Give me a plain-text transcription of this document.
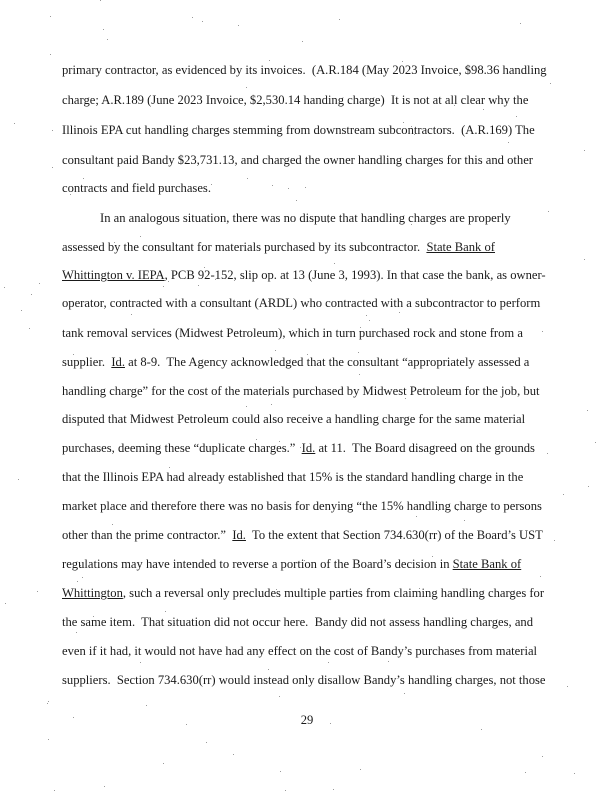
primary contractor, as evidenced by its invoices.  (A.R.184 (May 2023 Invoice, $98.36 handling
charge; A.R.189 (June 2023 Invoice, $2,530.14 handing charge)  It is not at all clear why the
Illinois EPA cut handling charges stemming from downstream subcontractors.  (A.R.169) The
consultant paid Bandy $23,731.13, and charged the owner handling charges for this and other
contracts and field purchases.
In an analogous situation, there was no dispute that handling charges are properly
assessed by the consultant for materials purchased by its subcontractor.  State Bank of
Whittington v. IEPA, PCB 92-152, slip op. at 13 (June 3, 1993). In that case the bank, as owner-
operator, contracted with a consultant (ARDL) who contracted with a subcontractor to perform
tank removal services (Midwest Petroleum), which in turn purchased rock and stone from a
supplier.  Id. at 8-9.  The Agency acknowledged that the consultant “appropriately assessed a
handling charge” for the cost of the materials purchased by Midwest Petroleum for the job, but
disputed that Midwest Petroleum could also receive a handling charge for the same material
purchases, deeming these “duplicate charges.”  Id. at 11.  The Board disagreed on the grounds
that the Illinois EPA had already established that 15% is the standard handling charge in the
market place and therefore there was no basis for denying “the 15% handling charge to persons
other than the prime contractor.”  Id.  To the extent that Section 734.630(rr) of the Board’s UST
regulations may have intended to reverse a portion of the Board’s decision in State Bank of
Whittington, such a reversal only precludes multiple parties from claiming handling charges for
the same item.  That situation did not occur here.  Bandy did not assess handling charges, and
even if it had, it would not have had any effect on the cost of Bandy’s purchases from material
suppliers.  Section 734.630(rr) would instead only disallow Bandy’s handling charges, not those
29
